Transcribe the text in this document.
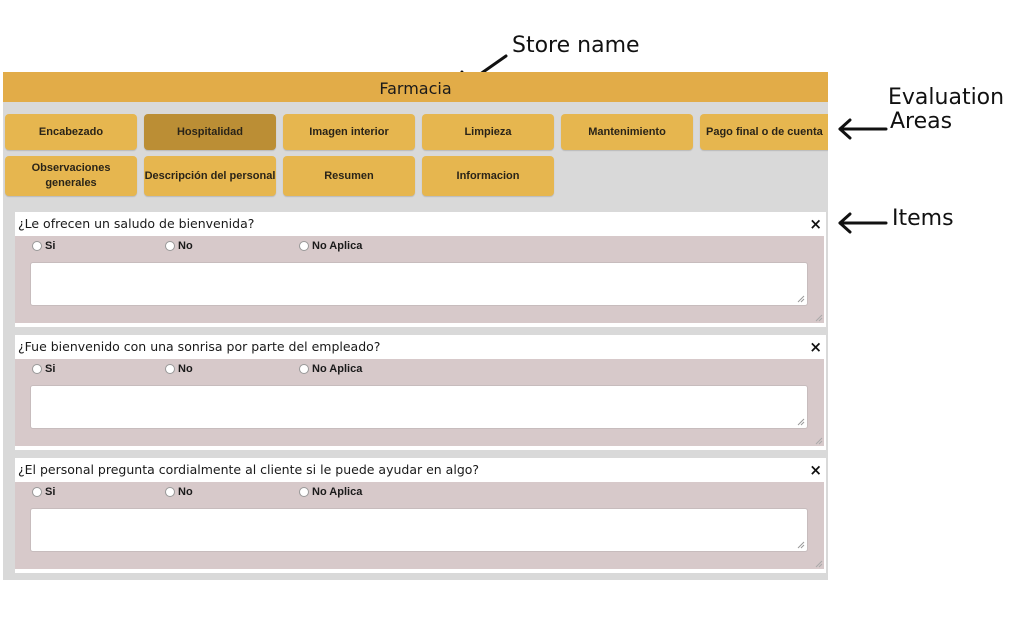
Store name
Evaluation
Areas
Items
Farmacia
Encabezado	Hospitalidad	Imagen interior	Limpieza	Mantenimiento	Pago final o de cuenta
Observaciones generales
Descripción del personal	Resumen	Informacion
¿Le ofrecen un saludo de bienvenida?	×
Si	No	No Aplica
¿Fue bienvenido con una sonrisa por parte del empleado?	×
Si	No	No Aplica
¿El personal pregunta cordialmente al cliente si le puede ayudar en algo?	×
Si	No	No Aplica
